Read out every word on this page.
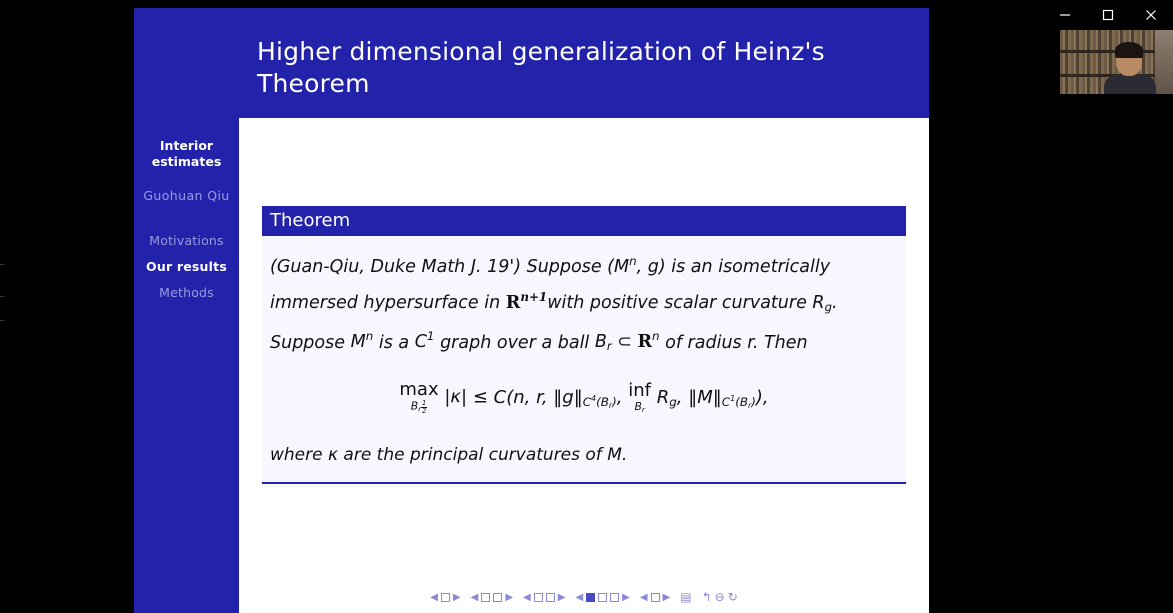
Higher dimensional generalization of Heinz's Theorem
Interior estimates
Guohuan Qiu
Motivations
Our results
Methods
Theorem
(Guan-Qiu, Duke Math J. 19') Suppose ($M^n$, g) is an isometrically immersed hypersurface in $R^{n+1}with$ positive scalar curvature $R_g$. Suppose $M^n$ is a $C^1$ graph over a ball $B_r$ ⊂ $R^n$ of radius r. Then
max
$B_r \frac{1}{2} |\kappa| \le C(n$, r, $‖g‖_{C^4(B_r)}$, inf
$B_r$
$R_g$, $‖M‖_{C^1(B_r)}$),
where κ are the principal curvatures of M.
◀ ▶ ◀	▶ ◀	▶ ◀	▶ ◀ ▶ ▤ ↰ ⊖ ↻
